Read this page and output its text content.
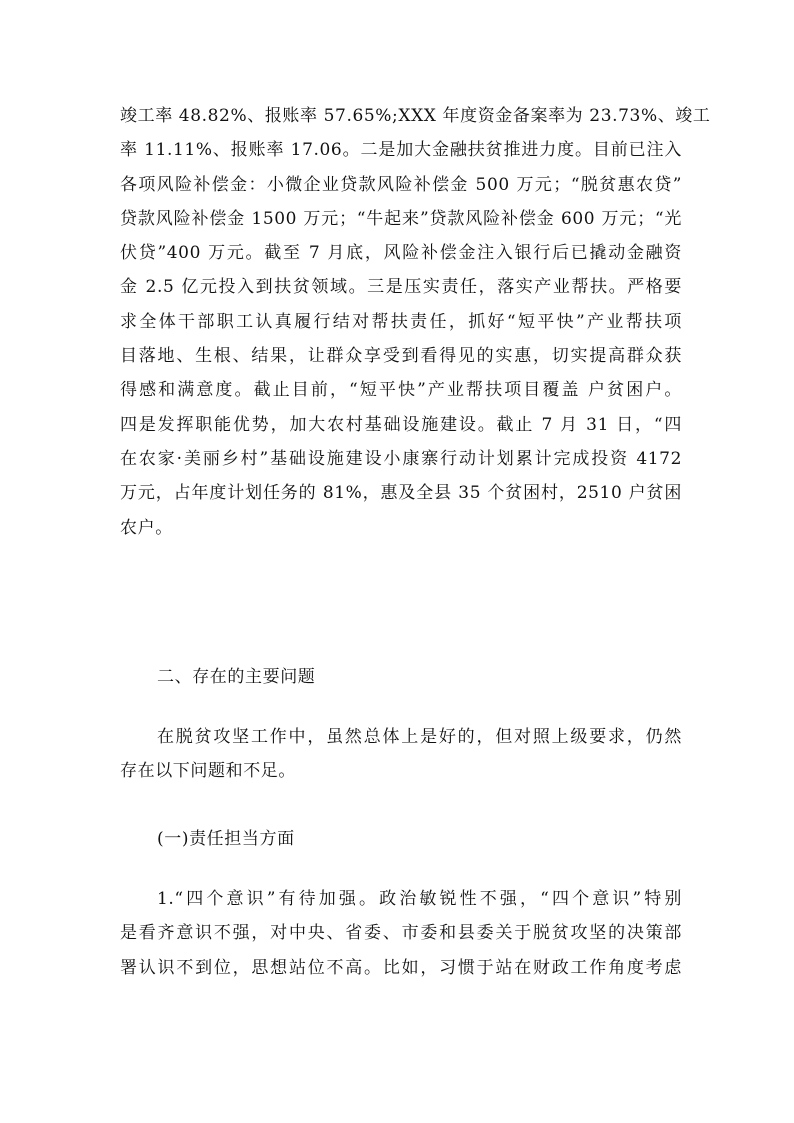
竣工率 48.82%、报账率 57.65%;XXX 年度资金备案率为 23.73%、竣工
率 11.11%、报账率 17.06。二是加大金融扶贫推进力度。目前已注入
各项风险补偿金：小微企业贷款风险补偿金 500 万元；“脱贫惠农贷”
贷款风险补偿金 1500 万元；“牛起来”贷款风险补偿金 600 万元；“光
伏贷”400 万元。截至 7 月底，风险补偿金注入银行后已撬动金融资
金 2.5 亿元投入到扶贫领域。三是压实责任，落实产业帮扶。严格要
求全体干部职工认真履行结对帮扶责任，抓好“短平快”产业帮扶项
目落地、生根、结果，让群众享受到看得见的实惠，切实提高群众获
得感和满意度。截止目前，“短平快”产业帮扶项目覆盖 户贫困户。
四是发挥职能优势，加大农村基础设施建设。截止 7 月 31 日，“四
在农家·美丽乡村”基础设施建设小康寨行动计划累计完成投资 4172
万元，占年度计划任务的 81%，惠及全县 35 个贫困村，2510 户贫困
农户。
二、存在的主要问题
在脱贫攻坚工作中，虽然总体上是好的，但对照上级要求，仍然
存在以下问题和不足。
(一)责任担当方面
1.“四个意识”有待加强。政治敏锐性不强，“四个意识”特别
是看齐意识不强，对中央、省委、市委和县委关于脱贫攻坚的决策部
署认识不到位，思想站位不高。比如，习惯于站在财政工作角度考虑
